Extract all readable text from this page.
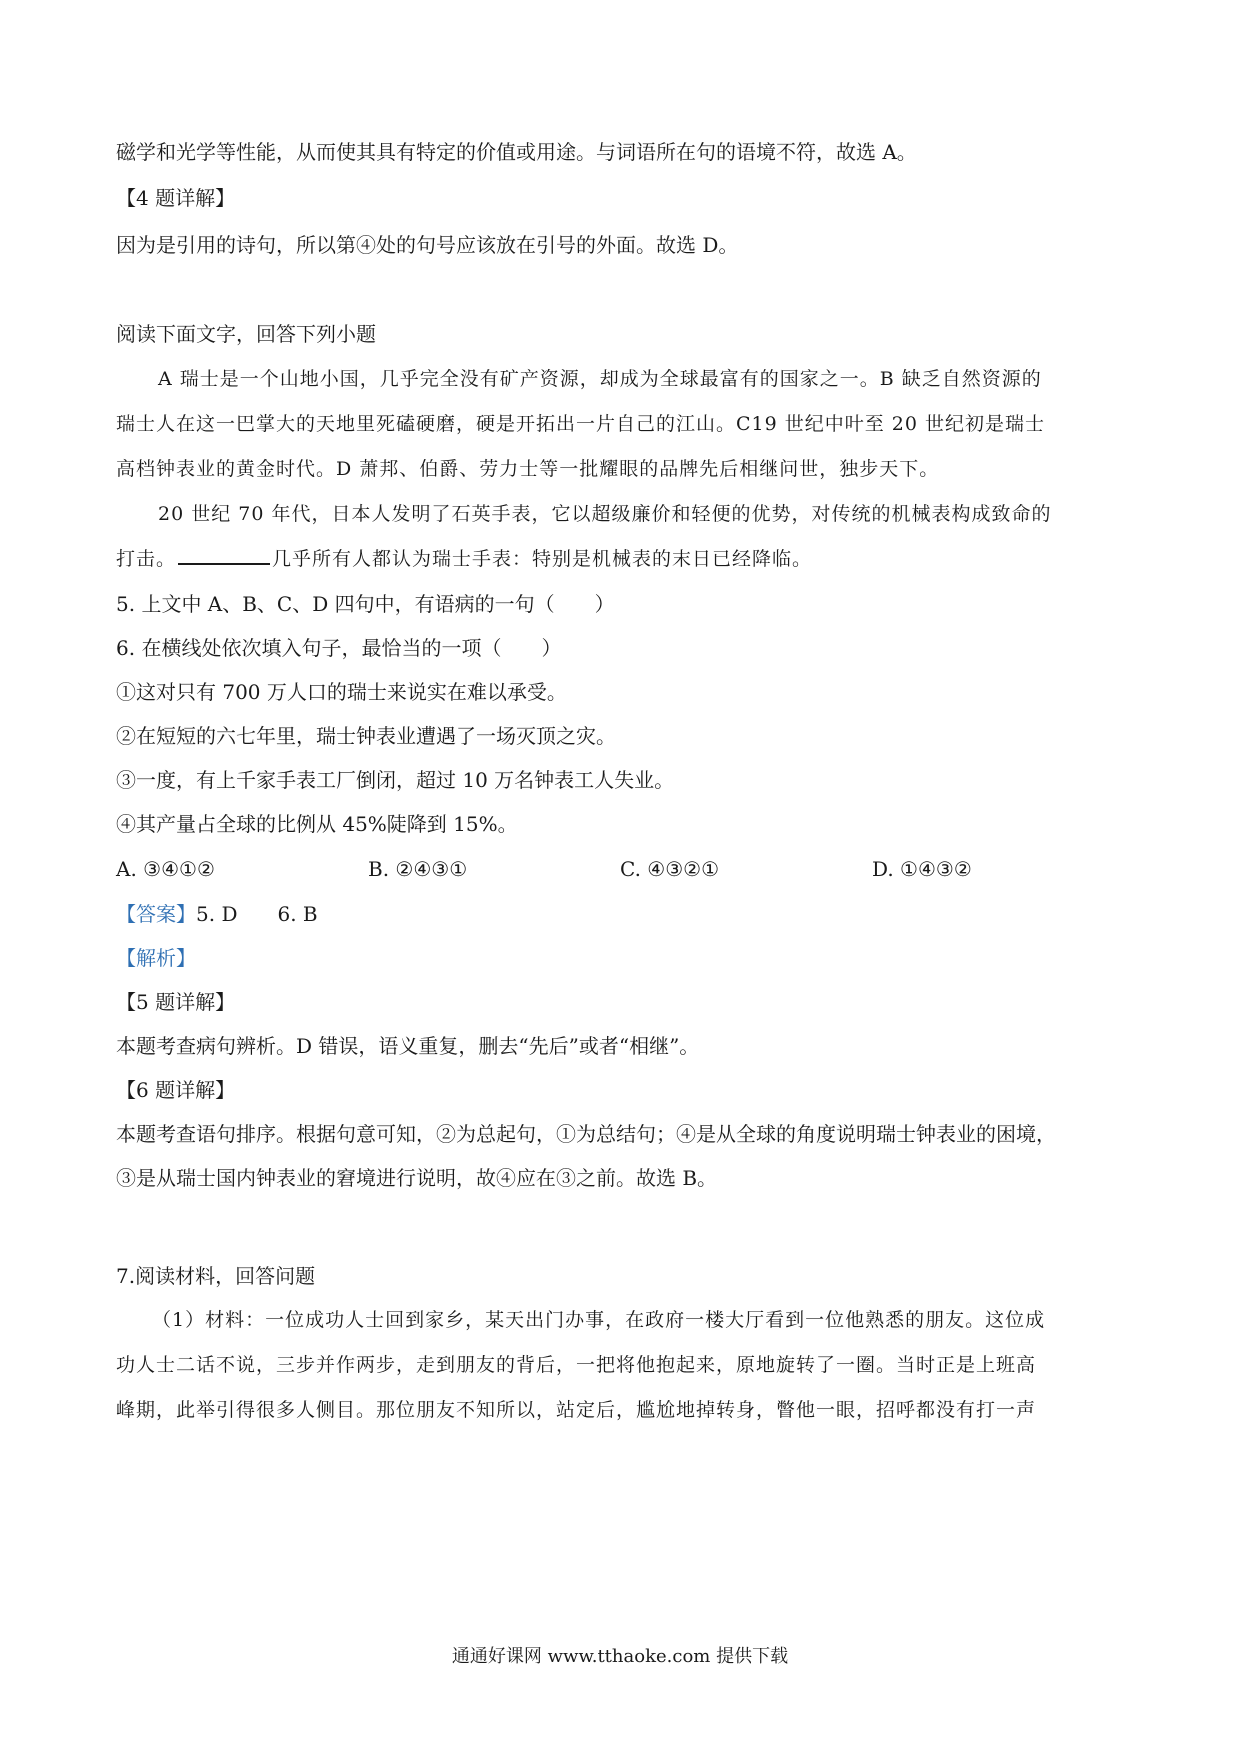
磁学和光学等性能，从而使其具有特定的价值或用途。与词语所在句的语境不符，故选 A。
【4 题详解】
因为是引用的诗句，所以第④处的句号应该放在引号的外面。故选 D。
阅读下面文字，回答下列小题
A 瑞士是一个山地小国，几乎完全没有矿产资源，却成为全球最富有的国家之一。B 缺乏自然资源的
瑞士人在这一巴掌大的天地里死磕硬磨，硬是开拓出一片自己的江山。C19 世纪中叶至 20 世纪初是瑞士
高档钟表业的黄金时代。D 萧邦、伯爵、劳力士等一批耀眼的品牌先后相继问世，独步天下。
20 世纪 70 年代，日本人发明了石英手表，它以超级廉价和轻便的优势，对传统的机械表构成致命的
打击。	几乎所有人都认为瑞士手表：特别是机械表的末日已经降临。
5. 上文中 A、B、C、D 四句中，有语病的一句（　　）
6. 在横线处依次填入句子，最恰当的一项（　　）
①这对只有 700 万人口的瑞士来说实在难以承受。
②在短短的六七年里，瑞士钟表业遭遇了一场灭顶之灾。
③一度，有上千家手表工厂倒闭，超过 10 万名钟表工人失业。
④其产量占全球的比例从 45%陡降到 15%。
A. ③④①②	B. ②④③①	C. ④③②①	D. ①④③②
【答案】5. D　　6. B
【解析】
【5 题详解】
本题考查病句辨析。D 错误，语义重复，删去“先后”或者“相继”。
【6 题详解】
本题考查语句排序。根据句意可知，②为总起句，①为总结句；④是从全球的角度说明瑞士钟表业的困境，
③是从瑞士国内钟表业的窘境进行说明，故④应在③之前。故选 B。
7.阅读材料，回答问题
（1）材料：一位成功人士回到家乡，某天出门办事，在政府一楼大厅看到一位他熟悉的朋友。这位成
功人士二话不说，三步并作两步，走到朋友的背后，一把将他抱起来，原地旋转了一圈。当时正是上班高
峰期，此举引得很多人侧目。那位朋友不知所以，站定后，尴尬地掉转身，瞥他一眼，招呼都没有打一声
通通好课网 www.tthaoke.com 提供下载
